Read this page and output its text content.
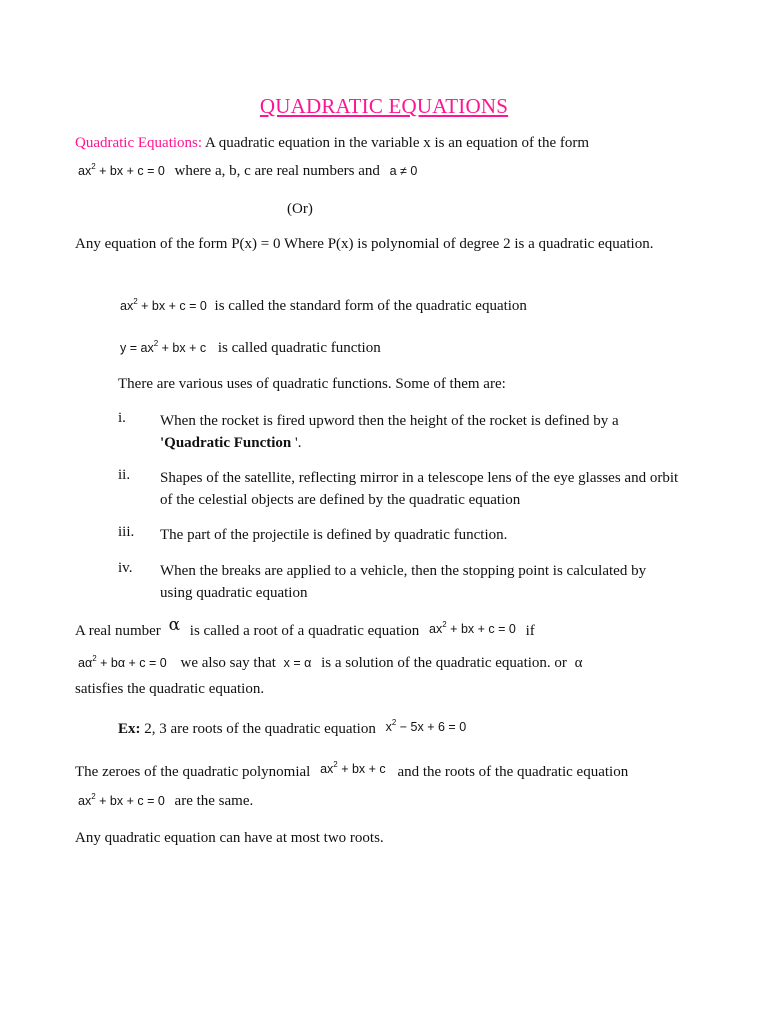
QUADRATIC EQUATIONS
Quadratic Equations: A quadratic equation in the variable x is an equation of the form
$ax^2$ + bx + c = 0 where a, b, c are real numbers and a ≠ 0
(Or)
Any equation of the form P(x) = 0 Where P(x) is polynomial of degree 2 is a quadratic equation.
$ax^2$ + bx + c = 0 is called the standard form of the quadratic equation
$y = ax^2$ + bx + c is called quadratic function
There are various uses of quadratic functions. Some of them are:
i. When the rocket is fired upword then the height of the rocket is defined by a 'Quadratic Function '.
ii. Shapes of the satellite, reflecting mirror in a telescope lens of the eye glasses and orbit of the celestial objects are defined by the quadratic equation
iii. The part of the projectile is defined by quadratic function.
iv. When the breaks are applied to a vehicle, then the stopping point is calculated by using quadratic equation
A real number α is called a root of a quadratic equation $ax^2$ + bx + c = 0 if
$a\alpha^2 + b\alpha + c = 0$ we also say that x = α is a solution of the quadratic equation. or α
satisfies the quadratic equation.
Ex: 2, 3 are roots of the quadratic equation $x^2 - 5x + 6 = 0$
The zeroes of the quadratic polynomial $^{ax^2 + bx + c}$ and the roots of the quadratic equation
$ax^2$ + bx + c = 0 are the same.
Any quadratic equation can have at most two roots.
